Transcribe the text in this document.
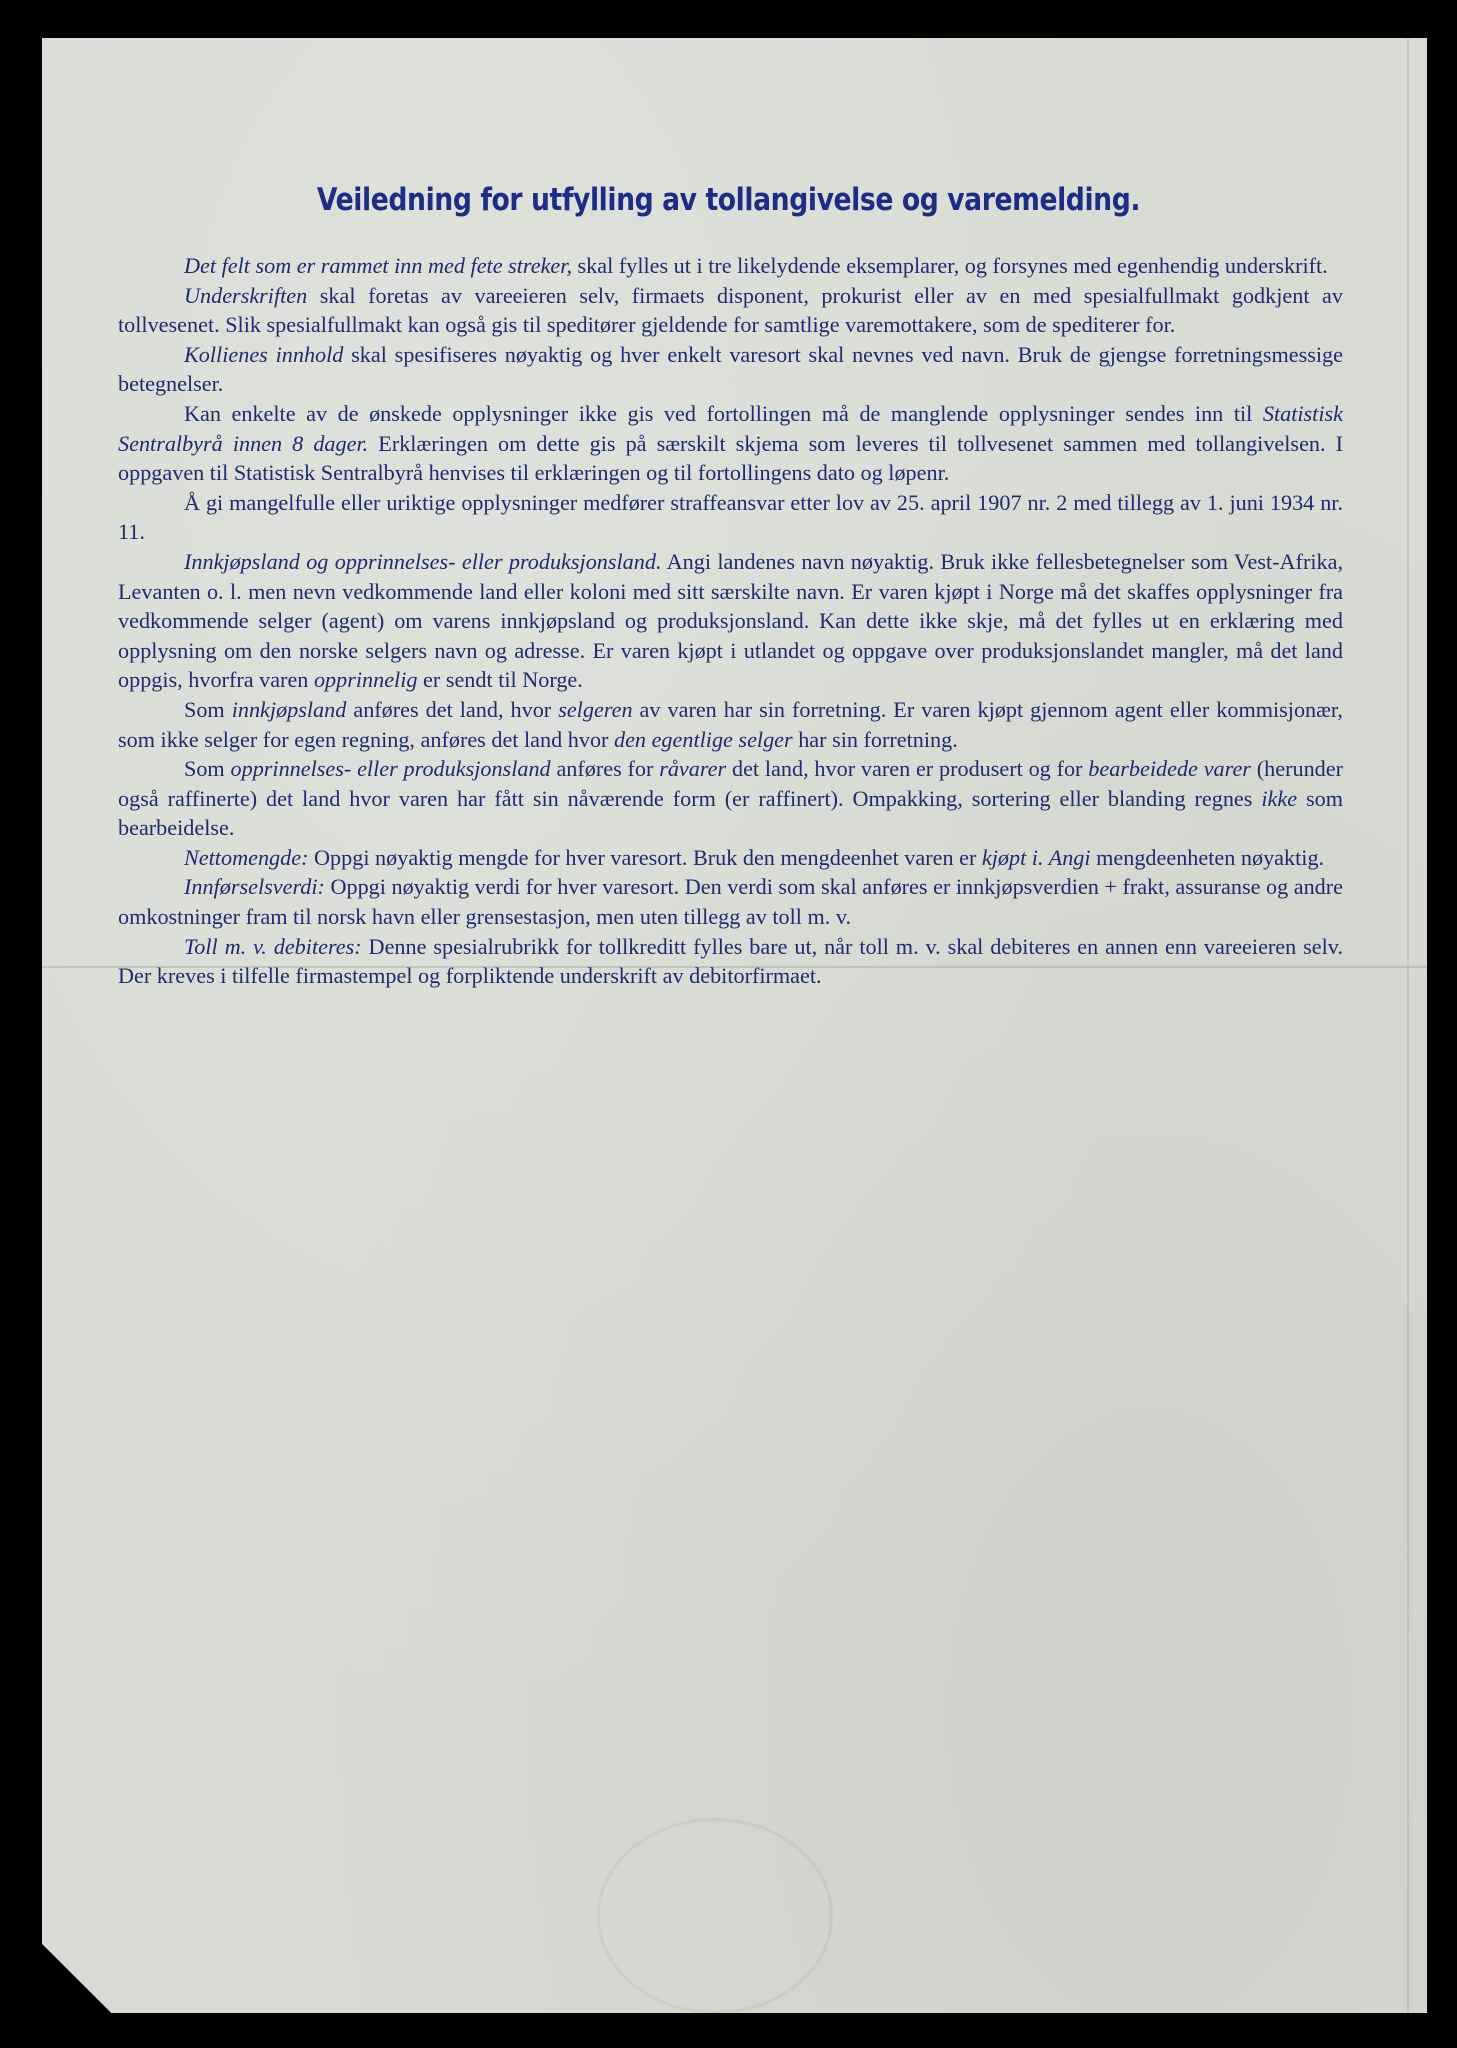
Veiledning for utfylling av tollangivelse og varemelding.

Det felt som er rammet inn med fete streker, skal fylles ut i tre likelydende eksemplarer, og forsynes med egenhendig underskrift.

Underskriften skal foretas av vareeieren selv, firmaets disponent, prokurist eller av en med spesialfullmakt godkjent av tollvesenet. Slik spesialfullmakt kan også gis til speditører gjeldende for samtlige varemottakere, som de spediterer for.

Kollienes innhold skal spesifiseres nøyaktig og hver enkelt varesort skal nevnes ved navn. Bruk de gjengse forretningsmessige betegnelser.

Kan enkelte av de ønskede opplysninger ikke gis ved fortollingen må de manglende opplysninger sendes inn til Statistisk Sentralbyrå innen 8 dager. Erklæringen om dette gis på særskilt skjema som leveres til tollvesenet sammen med tollangivelsen. I oppgaven til Statistisk Sentralbyrå henvises til erklæringen og til fortollingens dato og løpenr.

Å gi mangelfulle eller uriktige opplysninger medfører straffeansvar etter lov av 25. april 1907 nr. 2 med tillegg av 1. juni 1934 nr. 11.

Innkjøpsland og opprinnelses- eller produksjonsland. Angi landenes navn nøyaktig. Bruk ikke fellesbetegnelser som Vest-Afrika, Levanten o. l. men nevn vedkommende land eller koloni med sitt særskilte navn. Er varen kjøpt i Norge må det skaffes opplysninger fra vedkommende selger (agent) om varens innkjøpsland og produksjonsland. Kan dette ikke skje, må det fylles ut en erklæring med opplysning om den norske selgers navn og adresse. Er varen kjøpt i utlandet og oppgave over produksjonslandet mangler, må det land oppgis, hvorfra varen opprinnelig er sendt til Norge.

Som innkjøpsland anføres det land, hvor selgeren av varen har sin forretning. Er varen kjøpt gjennom agent eller kommisjonær, som ikke selger for egen regning, anføres det land hvor den egentlige selger har sin forretning.

Som opprinnelses- eller produksjonsland anføres for råvarer det land, hvor varen er produsert og for bearbeidede varer (herunder også raffinerte) det land hvor varen har fått sin nåværende form (er raffinert). Ompakking, sortering eller blanding regnes ikke som bearbeidelse.

Nettomengde: Oppgi nøyaktig mengde for hver varesort. Bruk den mengdeenhet varen er kjøpt i. Angi mengdeenheten nøyaktig.

Innførselsverdi: Oppgi nøyaktig verdi for hver varesort. Den verdi som skal anføres er innkjøpsverdien + frakt, assuranse og andre omkostninger fram til norsk havn eller grensestasjon, men uten tillegg av toll m. v.

Toll m. v. debiteres: Denne spesialrubrikk for tollkreditt fylles bare ut, når toll m. v. skal debiteres en annen enn vareeieren selv. Der kreves i tilfelle firmastempel og forpliktende underskrift av debitorfirmaet.
